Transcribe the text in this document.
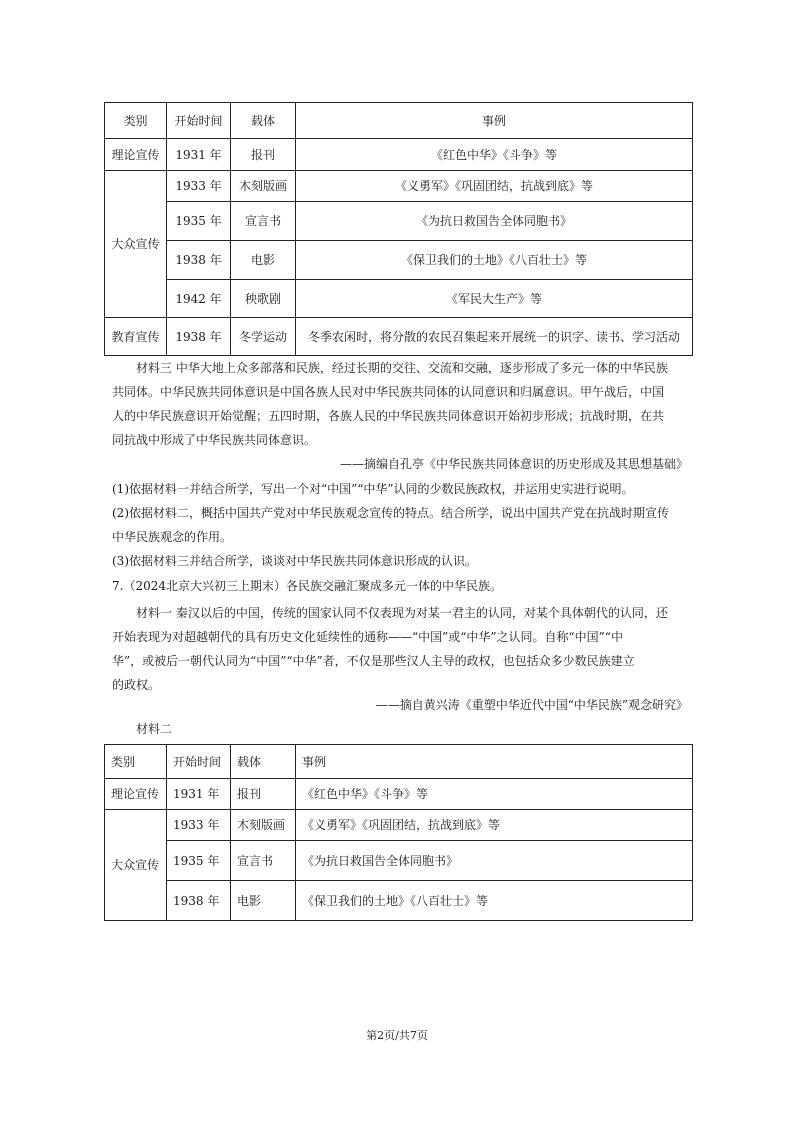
类别	开始时间	载体	事例
理论宣传	1931 年	报刊	《红色中华》《斗争》等
大众宣传	1933 年	木刻版画	《义勇军》《巩固团结，抗战到底》等
	1935 年	宣言书	《为抗日救国告全体同胞书》
	1938 年	电影	《保卫我们的土地》《八百壮士》等
	1942 年	秧歌剧	《军民大生产》等
教育宣传	1938 年	冬学运动	冬季农闲时，将分散的农民召集起来开展统一的识字、读书、学习活动
材料三 中华大地上众多部落和民族，经过长期的交往、交流和交融，逐步形成了多元一体的中华民族
共同体。中华民族共同体意识是中国各族人民对中华民族共同体的认同意识和归属意识。甲午战后，中国
人的中华民族意识开始觉醒；五四时期，各族人民的中华民族共同体意识开始初步形成；抗战时期，在共
同抗战中形成了中华民族共同体意识。
——摘编自孔亭《中华民族共同体意识的历史形成及其思想基础》
(1)依据材料一并结合所学，写出一个对“中国”“中华”认同的少数民族政权，并运用史实进行说明。
(2)依据材料二，概括中国共产党对中华民族观念宣传的特点。结合所学，说出中国共产党在抗战时期宣传
中华民族观念的作用。
(3)依据材料三并结合所学，谈谈对中华民族共同体意识形成的认识。
7.（2024北京大兴初三上期末）各民族交融汇聚成多元一体的中华民族。
材料一 秦汉以后的中国，传统的国家认同不仅表现为对某一君主的认同，对某个具体朝代的认同，还
开始表现为对超越朝代的具有历史文化延续性的通称——“中国”或“中华”之认同。自称“中国”“中
华”，或被后一朝代认同为“中国”“中华”者，不仅是那些汉人主导的政权，也包括众多少数民族建立
的政权。
——摘自黄兴涛《重塑中华近代中国“中华民族”观念研究》
材料二
类别	开始时间	载体	事例
理论宣传	1931 年	报刊	《红色中华》《斗争》等
大众宣传	1933 年	木刻版画	《义勇军》《巩固团结，抗战到底》等
	1935 年	宣言书	《为抗日救国告全体同胞书》
	1938 年	电影	《保卫我们的土地》《八百壮士》等
第2页/共7页
